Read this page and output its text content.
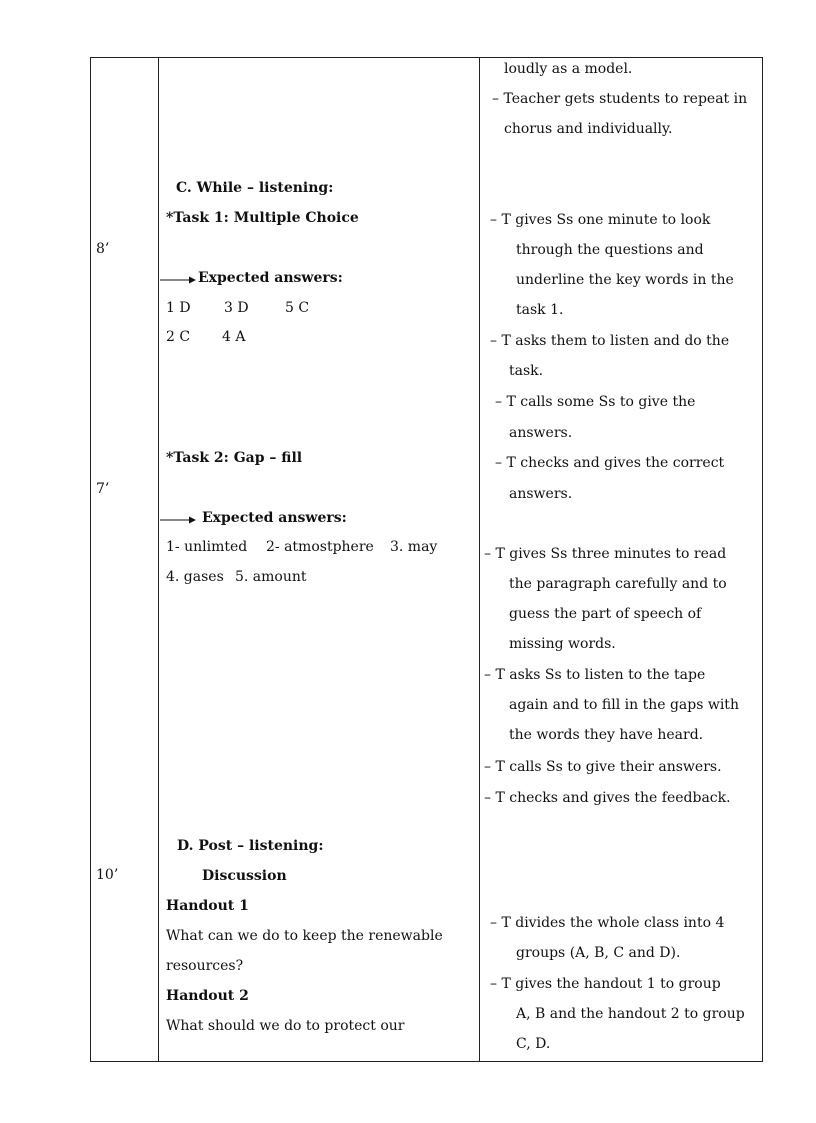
8’
7’
10’
C. While – listening:
*Task 1: Multiple Choice
Expected answers:
1 D 3 D	5 C
2 C 4 A
*Task 2: Gap – fill
Expected answers:
1- unlimted 2- atmostphere 3. may
4. gases 5. amount
D. Post – listening:
Discussion
Handout 1
What can we do to keep the renewable
resources?
Handout 2
What should we do to protect our
loudly as a model.
– Teacher gets students to repeat in
chorus and individually.
– T gives Ss one minute to look
through the questions and
underline the key words in the
task 1.
– T asks them to listen and do the
task.
– T calls some Ss to give the
answers.
– T checks and gives the correct
answers.
– T gives Ss three minutes to read
the paragraph carefully and to
guess the part of speech of
missing words.
– T asks Ss to listen to the tape
again and to fill in the gaps with
the words they have heard.
– T calls Ss to give their answers.
– T checks and gives the feedback.
– T divides the whole class into 4
groups (A, B, C and D).
– T gives the handout 1 to group
A, B and the handout 2 to group
C, D.
